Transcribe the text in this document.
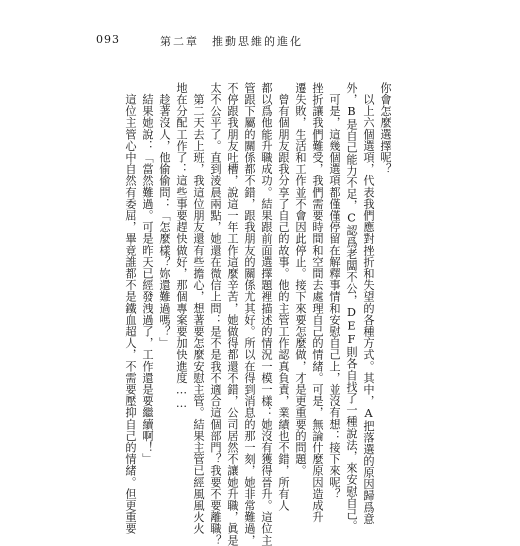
093	第二章　推動思維的進化
你會怎麼選擇呢？
　以上六個選項，代表我們應對挫折和失望的各種方式。其中，A把落選的原因歸爲意
外，B是自己能力不足，C認爲老闆不公，DEF則各自找了一種說法，來安慰自己。
　可是，這幾個選項都僅僅停留在解釋事情和安慰自己上，並沒有想：接下來呢？
挫折讓我們難受，我們需要時間和空間去處理自己的情緒。可是，無論什麼原因造成升
遷失敗，生活和工作並不會因此停止。接下來要怎麼做，才是更重要的問題。
　曾有個朋友跟我分享了自己的故事。他的主管工作認真負責，業績也不錯，所有人
都以爲他能升職成功。結果跟前面選擇題裡描述的情況一模一樣：她沒有獲得晉升。這位主
管跟下屬的關係都不錯，跟我朋友的關係尤其好。所以在得到消息的那一刻，她非常難過，
不停跟我朋友吐槽，說這一年工作這麼辛苦，她做得都還不錯，公司居然不讓她升職，眞是
太不公平了。直到淩晨兩點，她還在微信上問：是不是我不適合這個部門？我要不要離職？
　第二天去上班，我這位朋友還有些擔心，想著要怎麼安慰主管。結果主管已經風風火火
地在分配工作了：這些事要趕快做好，那個專案要加快進度……
　趁著沒人，他偷偷問：「怎麼樣？妳還難過嗎？」
　結果她說：「當然難過。可是昨天已經發洩過了，工作還是要繼續啊！」
　這位主管心中自然有委屈，畢竟誰都不是鐵血超人，不需要壓抑自己的情緒。但更重要
